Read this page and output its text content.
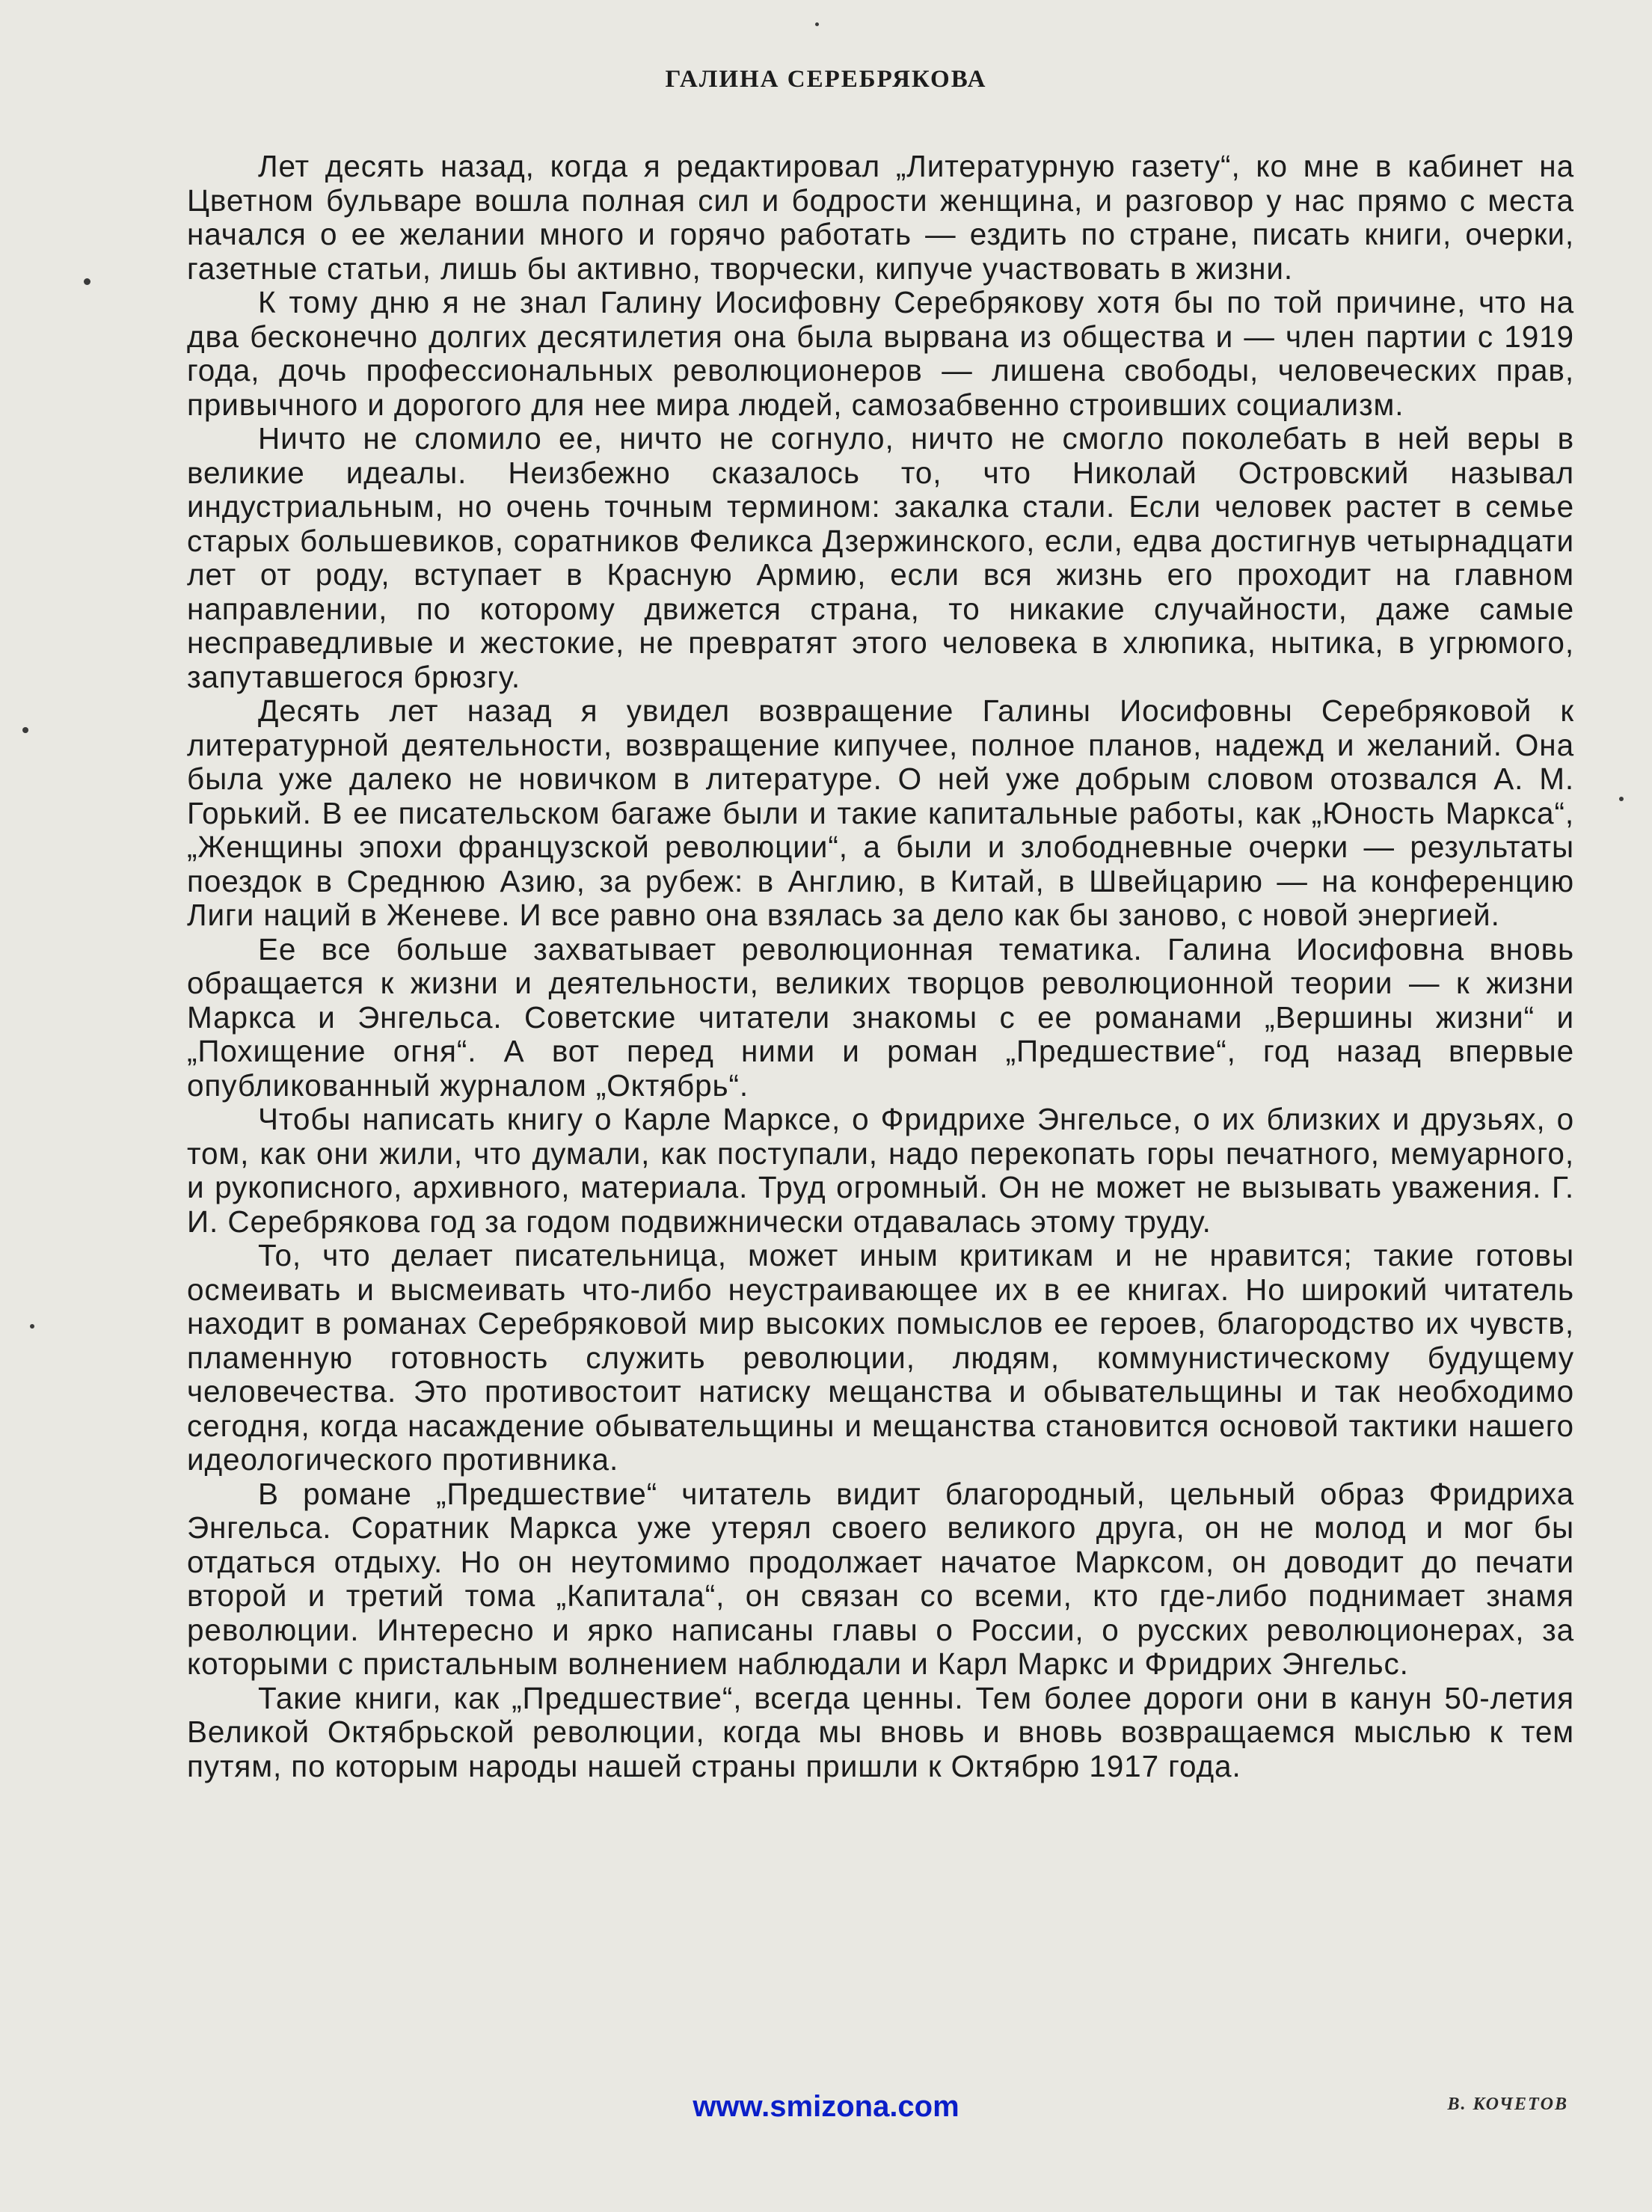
ГАЛИНА СЕРЕБРЯКОВА

Лет десять назад, когда я редактировал „Литературную газету“, ко мне в кабинет на Цветном бульваре вошла полная сил и бодрости женщина, и разговор у нас прямо с места начался о ее желании много и горячо работать — ездить по стране, писать книги, очерки, газетные статьи, лишь бы активно, творчески, кипуче участвовать в жизни.

К тому дню я не знал Галину Иосифовну Серебрякову хотя бы по той причине, что на два бесконечно долгих десятилетия она была вырвана из общества и — член партии с 1919 года, дочь профессиональных революционеров — лишена свободы, человеческих прав, привычного и дорогого для нее мира людей, самозабвенно строивших социализм.

Ничто не сломило ее, ничто не согнуло, ничто не смогло поколебать в ней веры в великие идеалы. Неизбежно сказалось то, что Николай Островский называл индустриальным, но очень точным термином: закалка стали. Если человек растет в семье старых большевиков, соратников Феликса Дзержинского, если, едва достигнув четырнадцати лет от роду, вступает в Красную Армию, если вся жизнь его проходит на главном направлении, по которому движется страна, то никакие случайности, даже самые несправедливые и жестокие, не превратят этого человека в хлюпика, нытика, в угрюмого, запутавшегося брюзгу.

Десять лет назад я увидел возвращение Галины Иосифовны Серебряковой к литературной деятельности, возвращение кипучее, полное планов, надежд и желаний. Она была уже далеко не новичком в литературе. О ней уже добрым словом отозвался А. М. Горький. В ее писательском багаже были и такие капитальные работы, как „Юность Маркса“, „Женщины эпохи французской революции“, а были и злободневные очерки — результаты поездок в Среднюю Азию, за рубеж: в Англию, в Китай, в Швейцарию — на конференцию Лиги наций в Женеве. И все равно она взялась за дело как бы заново, с новой энергией.

Ее все больше захватывает революционная тематика. Галина Иосифовна вновь обращается к жизни и деятельности, великих творцов революционной теории — к жизни Маркса и Энгельса. Советские читатели знакомы с ее романами „Вершины жизни“ и „Похищение огня“. А вот перед ними и роман „Предшествие“, год назад впервые опубликованный журналом „Октябрь“.

Чтобы написать книгу о Карле Марксе, о Фридрихе Энгельсе, о их близких и друзьях, о том, как они жили, что думали, как поступали, надо перекопать горы печатного, мемуарного, и рукописного, архивного, материала. Труд огромный. Он не может не вызывать уважения. Г. И. Серебрякова год за годом подвижнически отдавалась этому труду.

То, что делает писательница, может иным критикам и не нравится; такие готовы осмеивать и высмеивать что-либо неустраивающее их в ее книгах. Но широкий читатель находит в романах Серебряковой мир высоких помыслов ее героев, благородство их чувств, пламенную готовность служить революции, людям, коммунистическому будущему человечества. Это противостоит натиску мещанства и обывательщины и так необходимо сегодня, когда насаждение обывательщины и мещанства становится основой тактики нашего идеологического противника.

В романе „Предшествие“ читатель видит благородный, цельный образ Фридриха Энгельса. Соратник Маркса уже утерял своего великого друга, он не молод и мог бы отдаться отдыху. Но он неутомимо продолжает начатое Марксом, он доводит до печати второй и третий тома „Капитала“, он связан со всеми, кто где-либо поднимает знамя революции. Интересно и ярко написаны главы о России, о русских революционерах, за которыми с пристальным волнением наблюдали и Карл Маркс и Фридрих Энгельс.

Такие книги, как „Предшествие“, всегда ценны. Тем более дороги они в канун 50-летия Великой Октябрьской революции, когда мы вновь и вновь возвращаемся мыслью к тем путям, по которым народы нашей страны пришли к Октябрю 1917 года.

www.smizona.com	В. КОЧЕТОВ
